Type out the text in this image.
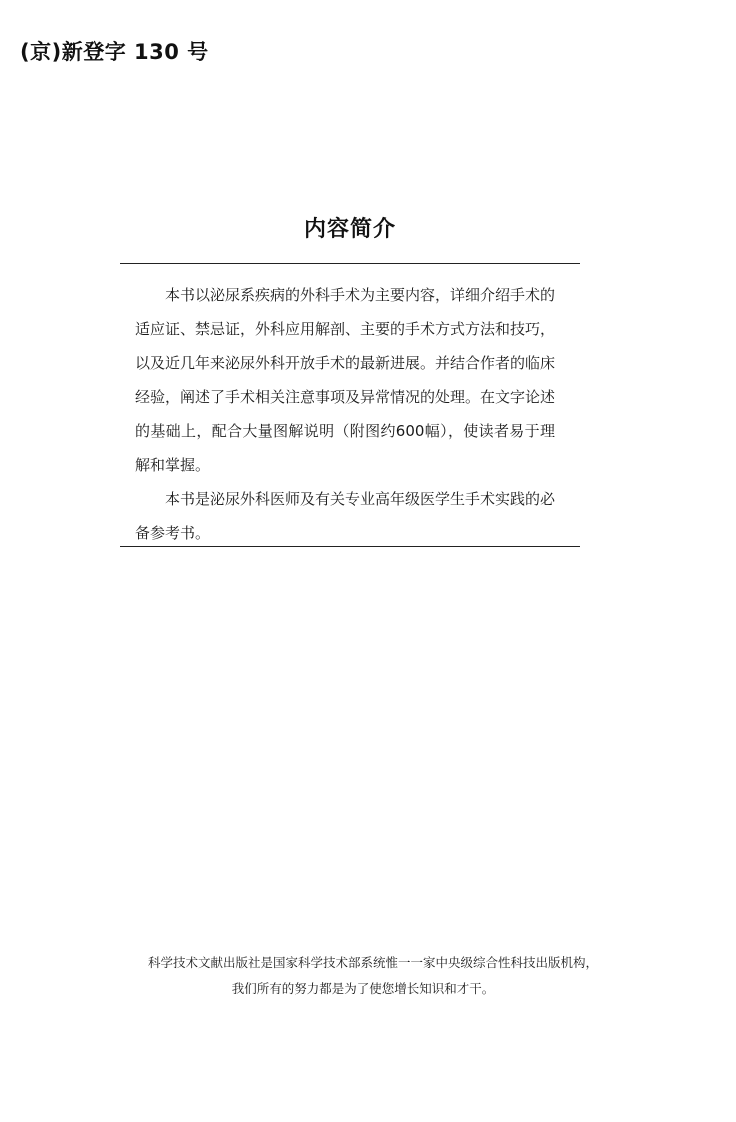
(京)新登字 130 号
内容简介

本书以泌尿系疾病的外科手术为主要内容，详细介绍手术的适应证、禁忌证，外科应用解剖、主要的手术方式方法和技巧，以及近几年来泌尿外科开放手术的最新进展。并结合作者的临床经验，阐述了手术相关注意事项及异常情况的处理。在文字论述的基础上，配合大量图解说明（附图约600幅），使读者易于理解和掌握。

本书是泌尿外科医师及有关专业高年级医学生手术实践的必备参考书。

科学技术文献出版社是国家科学技术部系统惟一一家中央级综合性科技出版机构，
我们所有的努力都是为了使您增长知识和才干。
